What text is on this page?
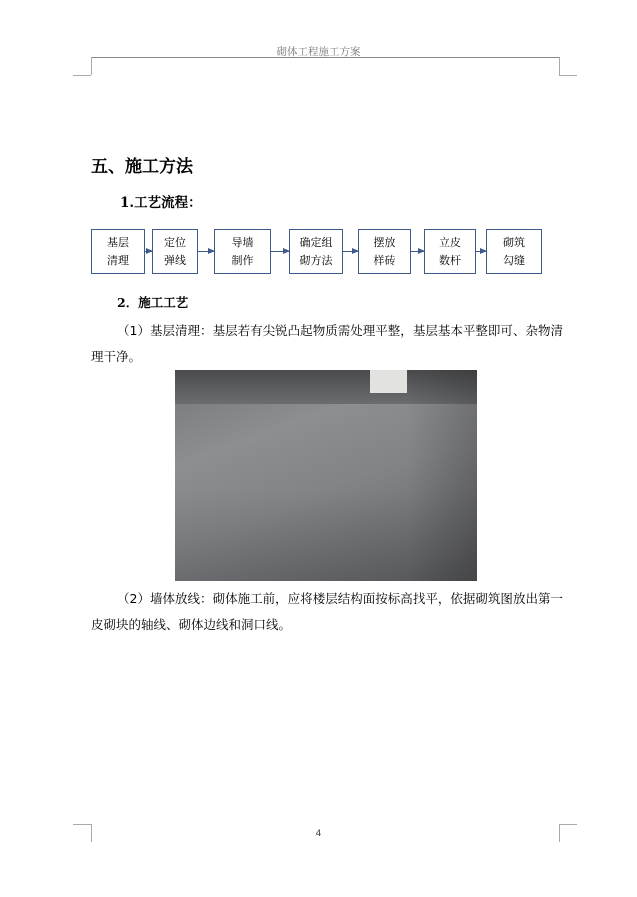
砌体工程施工方案
五、施工方法
1.工艺流程：
基层
清理
定位
弹线
导墙
制作
确定组
砌方法
摆放
样砖
立皮
数杆
砌筑
勾缝
2．施工工艺
（1）基层清理：基层若有尖锐凸起物质需处理平整，基层基本平整即可、杂物清理干净。
（2）墙体放线：砌体施工前，应将楼层结构面按标高找平，依据砌筑图放出第一皮砌块的轴线、砌体边线和洞口线。
4
